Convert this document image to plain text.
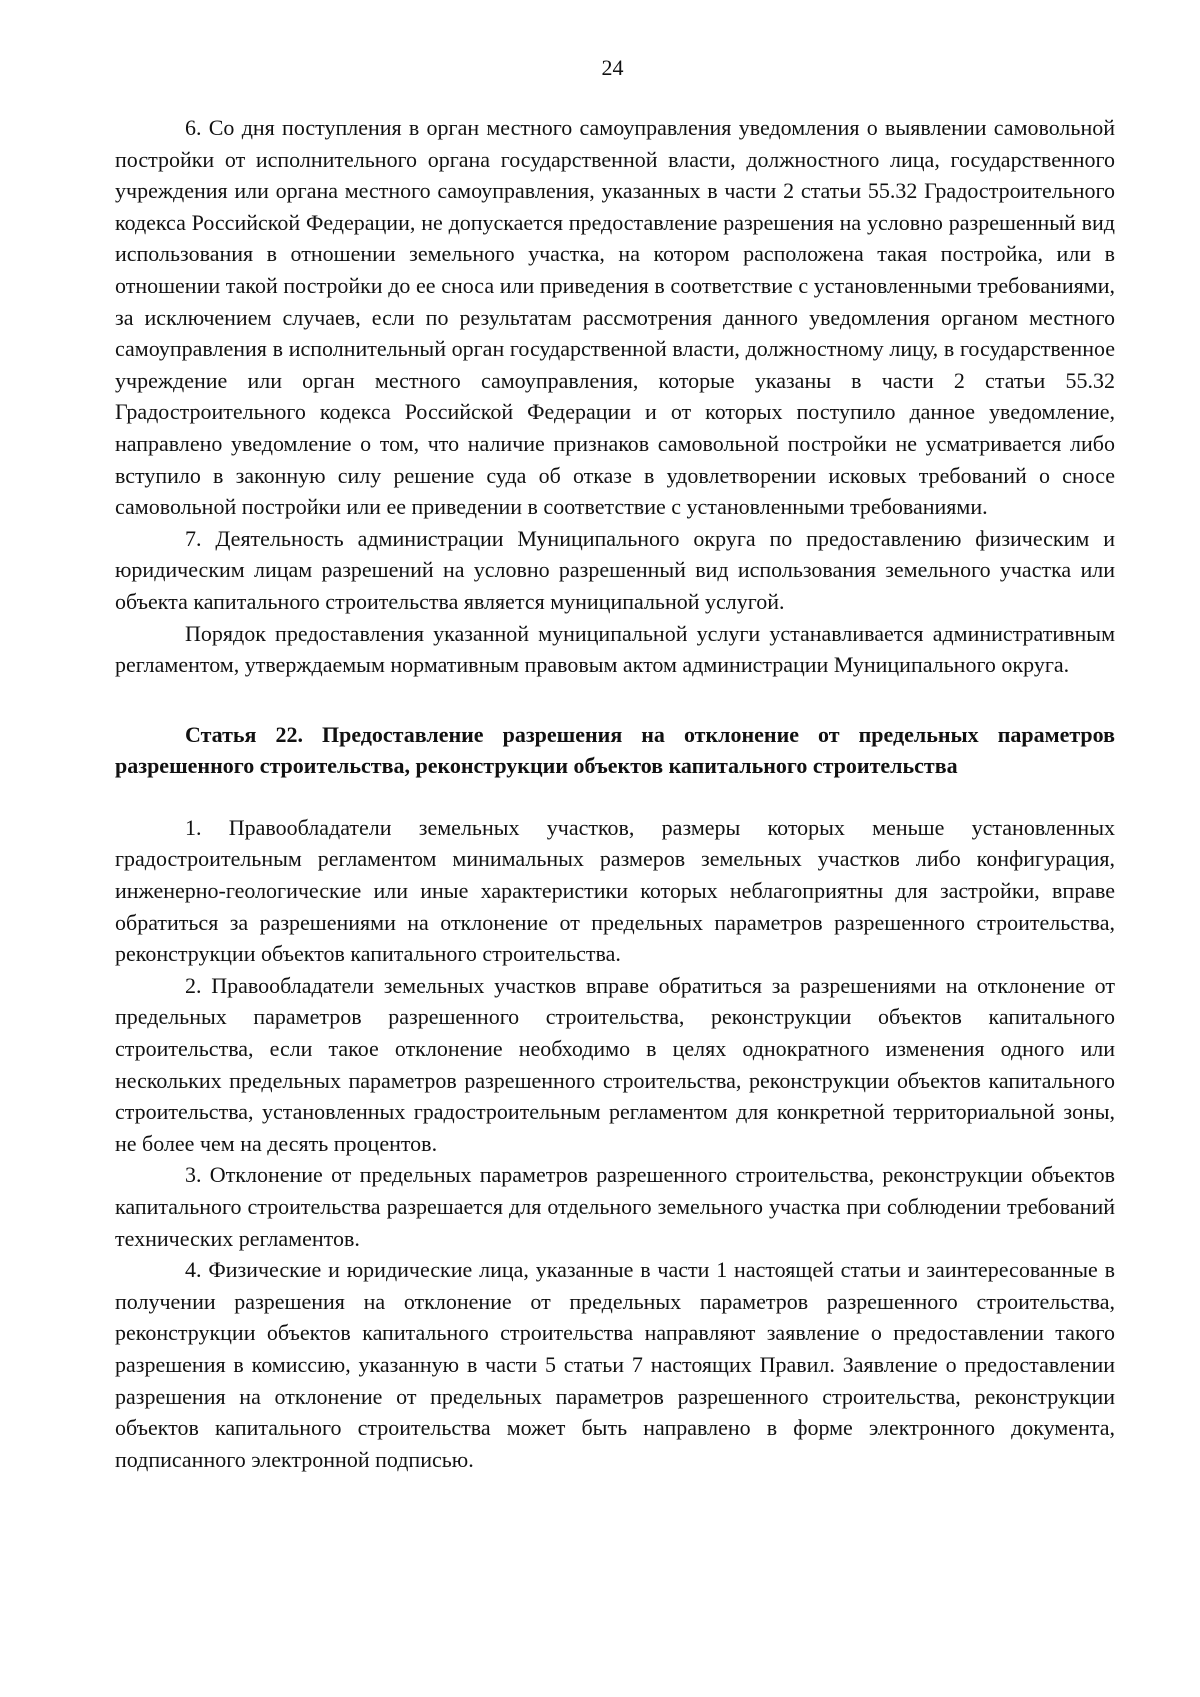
24

6. Со дня поступления в орган местного самоуправления уведомления о выявлении самовольной постройки от исполнительного органа государственной власти, должностного лица, государственного учреждения или органа местного самоуправления, указанных в части 2 статьи 55.32 Градостроительного кодекса Российской Федерации, не допускается предоставление разрешения на условно разрешенный вид использования в отношении земельного участка, на котором расположена такая постройка, или в отношении такой постройки до ее сноса или приведения в соответствие с установленными требованиями, за исключением случаев, если по результатам рассмотрения данного уведомления органом местного самоуправления в исполнительный орган государственной власти, должностному лицу, в государственное учреждение или орган местного самоуправления, которые указаны в части 2 статьи 55.32 Градостроительного кодекса Российской Федерации и от которых поступило данное уведомление, направлено уведомление о том, что наличие признаков самовольной постройки не усматривается либо вступило в законную силу решение суда об отказе в удовлетворении исковых требований о сносе самовольной постройки или ее приведении в соответствие с установленными требованиями.

7. Деятельность администрации Муниципального округа по предоставлению физическим и юридическим лицам разрешений на условно разрешенный вид использования земельного участка или объекта капитального строительства является муниципальной услугой.

Порядок предоставления указанной муниципальной услуги устанавливается административным регламентом, утверждаемым нормативным правовым актом администрации Муниципального округа.

Статья 22. Предоставление разрешения на отклонение от предельных параметров разрешенного строительства, реконструкции объектов капитального строительства

1. Правообладатели земельных участков, размеры которых меньше установленных градостроительным регламентом минимальных размеров земельных участков либо конфигурация, инженерно-геологические или иные характеристики которых неблагоприятны для застройки, вправе обратиться за разрешениями на отклонение от предельных параметров разрешенного строительства, реконструкции объектов капитального строительства.

2. Правообладатели земельных участков вправе обратиться за разрешениями на отклонение от предельных параметров разрешенного строительства, реконструкции объектов капитального строительства, если такое отклонение необходимо в целях однократного изменения одного или нескольких предельных параметров разрешенного строительства, реконструкции объектов капитального строительства, установленных градостроительным регламентом для конкретной территориальной зоны, не более чем на десять процентов.

3. Отклонение от предельных параметров разрешенного строительства, реконструкции объектов капитального строительства разрешается для отдельного земельного участка при соблюдении требований технических регламентов.

4. Физические и юридические лица, указанные в части 1 настоящей статьи и заинтересованные в получении разрешения на отклонение от предельных параметров разрешенного строительства, реконструкции объектов капитального строительства направляют заявление о предоставлении такого разрешения в комиссию, указанную в части 5 статьи 7 настоящих Правил. Заявление о предоставлении разрешения на отклонение от предельных параметров разрешенного строительства, реконструкции объектов капитального строительства может быть направлено в форме электронного документа, подписанного электронной подписью.
